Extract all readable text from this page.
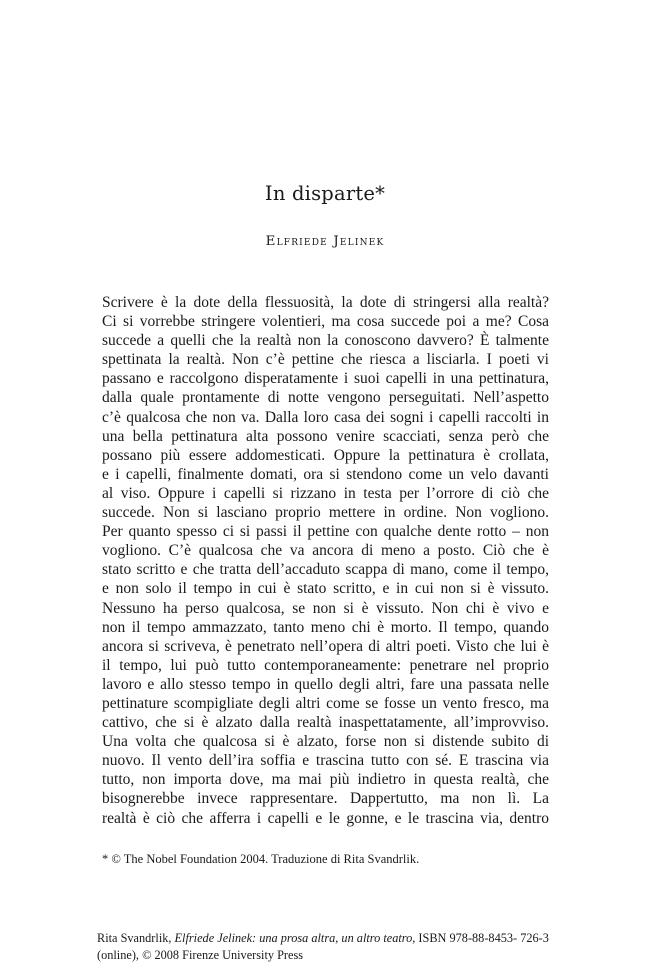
In disparte*
Elfriede Jelinek
Scrivere è la dote della flessuosità, la dote di stringersi alla realtà?
Ci si vorrebbe stringere volentieri, ma cosa succede poi a me? Cosa
succede a quelli che la realtà non la conoscono davvero? È talmente
spettinata la realtà. Non c’è pettine che riesca a lisciarla. I poeti vi
passano e raccolgono disperatamente i suoi capelli in una pettinatura,
dalla quale prontamente di notte vengono perseguitati. Nell’aspetto
c’è qualcosa che non va. Dalla loro casa dei sogni i capelli raccolti in
una bella pettinatura alta possono venire scacciati, senza però che
possano più essere addomesticati. Oppure la pettinatura è crollata,
e i capelli, finalmente domati, ora si stendono come un velo davanti
al viso. Oppure i capelli si rizzano in testa per l’orrore di ciò che
succede. Non si lasciano proprio mettere in ordine. Non vogliono.
Per quanto spesso ci si passi il pettine con qualche dente rotto – non
vogliono. C’è qualcosa che va ancora di meno a posto. Ciò che è
stato scritto e che tratta dell’accaduto scappa di mano, come il tempo,
e non solo il tempo in cui è stato scritto, e in cui non si è vissuto.
Nessuno ha perso qualcosa, se non si è vissuto. Non chi è vivo e
non il tempo ammazzato, tanto meno chi è morto. Il tempo, quando
ancora si scriveva, è penetrato nell’opera di altri poeti. Visto che lui è
il tempo, lui può tutto contemporaneamente: penetrare nel proprio
lavoro e allo stesso tempo in quello degli altri, fare una passata nelle
pettinature scompigliate degli altri come se fosse un vento fresco, ma
cattivo, che si è alzato dalla realtà inaspettatamente, all’improvviso.
Una volta che qualcosa si è alzato, forse non si distende subito di
nuovo. Il vento dell’ira soffia e trascina tutto con sé. E trascina via
tutto, non importa dove, ma mai più indietro in questa realtà, che
bisognerebbe invece rappresentare. Dappertutto, ma non lì. La
realtà è ciò che afferra i capelli e le gonne, e le trascina via, dentro
* © The Nobel Foundation 2004. Traduzione di Rita Svandrlik.
Rita Svandrlik, Elfriede Jelinek: una prosa altra, un altro teatro, ISBN 978-88-8453- 726-3
(online), © 2008 Firenze University Press
